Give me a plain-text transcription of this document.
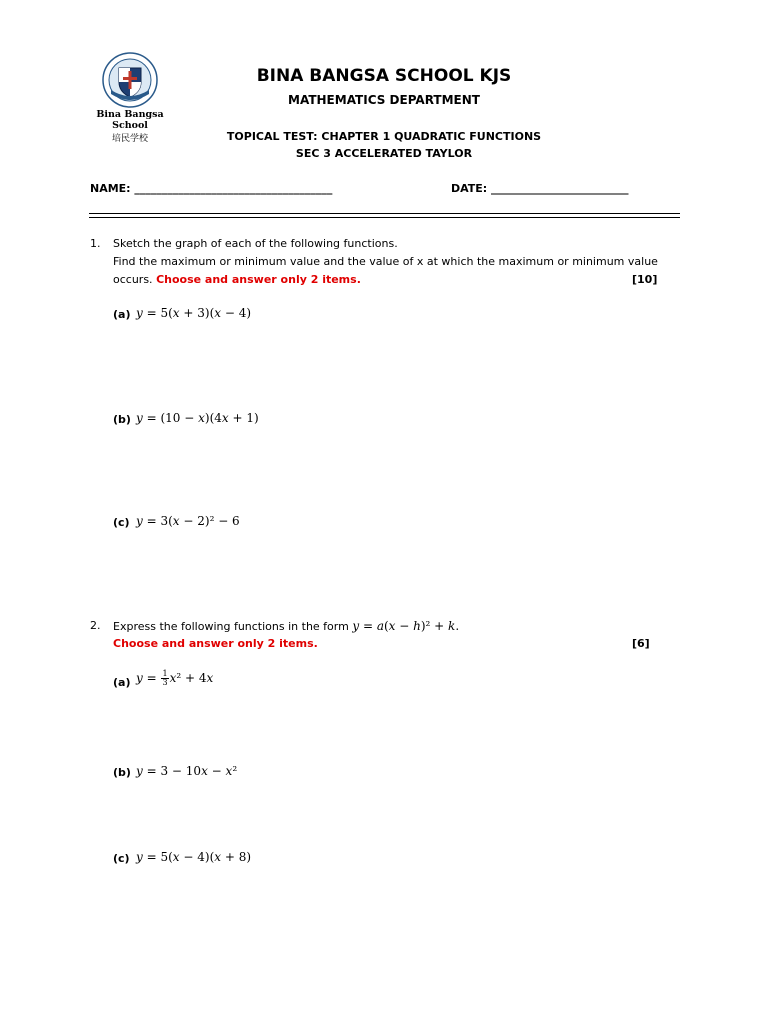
Bina Bangsa School
培民学校
BINA BANGSA SCHOOL KJS
MATHEMATICS DEPARTMENT
TOPICAL TEST: CHAPTER 1 QUADRATIC FUNCTIONS
SEC 3 ACCELERATED TAYLOR
NAME: ____________________________________	DATE: _________________________
1. Sketch the graph of each of the following functions.
Find the maximum or minimum value and the value of x at which the maximum or minimum value
occurs. Choose and answer only 2 items.	[10]
(a) y = 5(x + 3)(x − 4)
(b) y = (10 − x)(4x + 1)
(c) y = 3(x − 2)² − 6
2. Express the following functions in the form y = a(x − h)² + k.
Choose and answer only 2 items.	[6]
(a) $y = \frac{1}{3} x^2 + 4x$
(b) y = 3 − 10x − x²
(c) y = 5(x − 4)(x + 8)
